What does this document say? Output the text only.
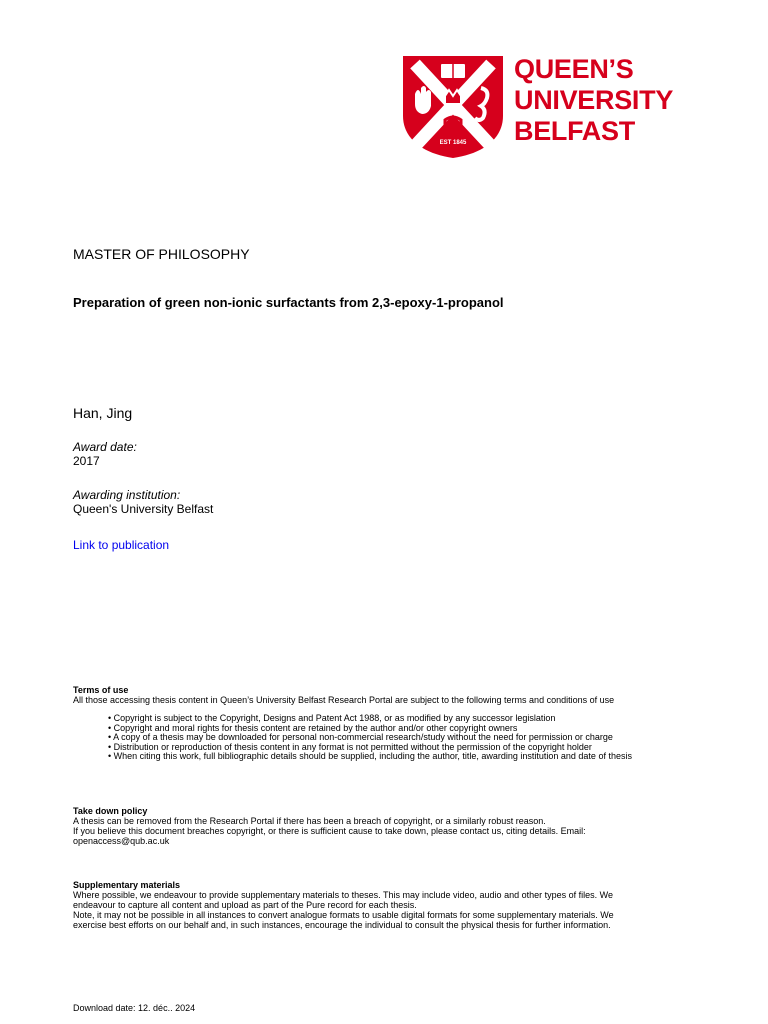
EST 1845
QUEEN’S
UNIVERSITY
BELFAST
MASTER OF PHILOSOPHY
Preparation of green non-ionic surfactants from 2,3-epoxy-1-propanol
Han, Jing
Award date:
2017
Awarding institution:
Queen's University Belfast
Link to publication
Terms of use

All those accessing thesis content in Queen’s University Belfast Research Portal are subject to the following terms and conditions of use

• Copyright is subject to the Copyright, Designs and Patent Act 1988, or as modified by any successor legislation
• Copyright and moral rights for thesis content are retained by the author and/or other copyright owners
• A copy of a thesis may be downloaded for personal non-commercial research/study without the need for permission or charge
• Distribution or reproduction of thesis content in any format is not permitted without the permission of the copyright holder
• When citing this work, full bibliographic details should be supplied, including the author, title, awarding institution and date of thesis
Take down policy

A thesis can be removed from the Research Portal if there has been a breach of copyright, or a similarly robust reason.

If you believe this document breaches copyright, or there is sufficient cause to take down, please contact us, citing details. Email:

openaccess@qub.ac.uk

Supplementary materials

Where possible, we endeavour to provide supplementary materials to theses. This may include video, audio and other types of files. We

endeavour to capture all content and upload as part of the Pure record for each thesis.

Note, it may not be possible in all instances to convert analogue formats to usable digital formats for some supplementary materials. We

exercise best efforts on our behalf and, in such instances, encourage the individual to consult the physical thesis for further information.

Download date: 12. déc.. 2024
